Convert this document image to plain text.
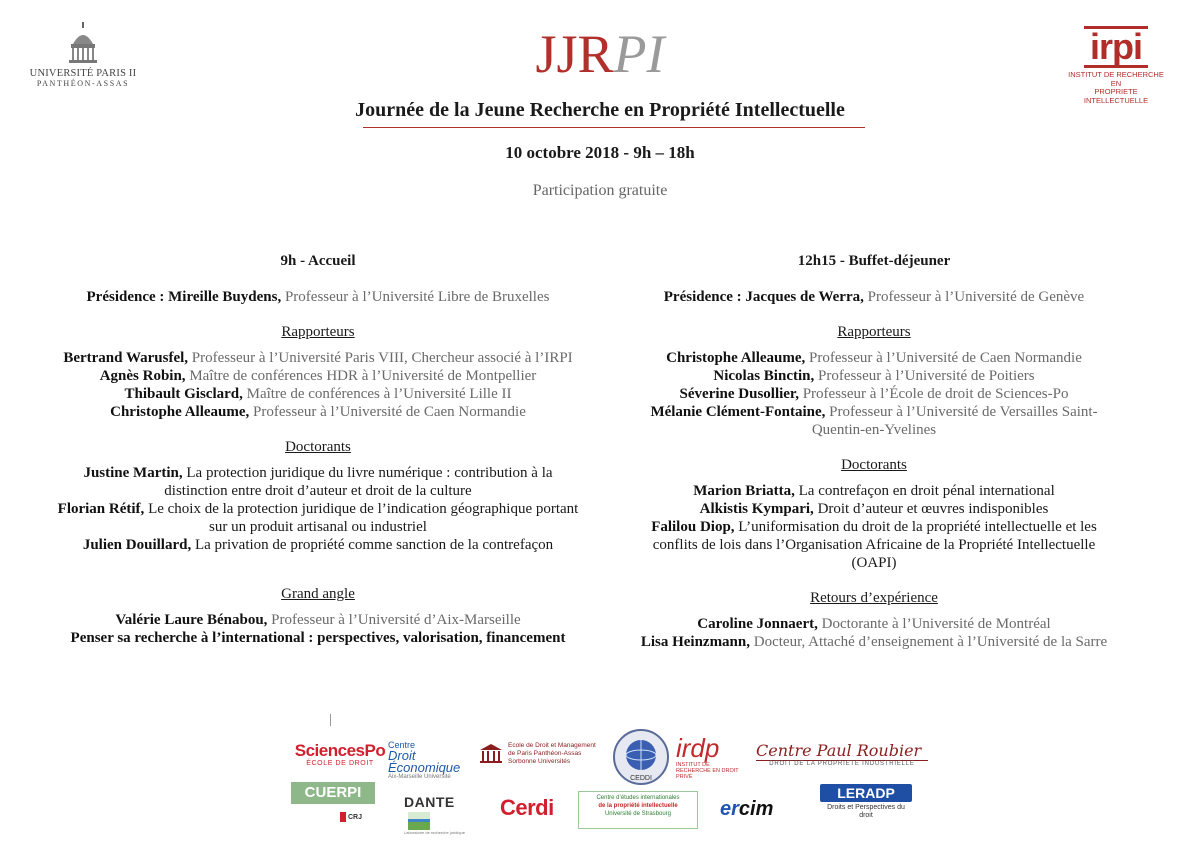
UNIVERSITÉ PARIS II
PANTHÉON-ASSAS	JJRPI	irpi
INSTITUT DE RECHERCHE EN
PROPRIETE INTELLECTUELLE
Journée de la Jeune Recherche en Propriété Intellectuelle
10 octobre 2018 - 9h – 18h
Participation gratuite
9h - Accueil
Présidence : Mireille Buydens, Professeur à l’Université Libre de Bruxelles
Rapporteurs

Bertrand Warusfel, Professeur à l’Université Paris VIII, Chercheur associé à l’IRPI

Agnès Robin, Maître de conférences HDR à l’Université de Montpellier

Thibault Gisclard, Maître de conférences à l’Université Lille II

Christophe Alleaume, Professeur à l’Université de Caen Normandie

Doctorants

Justine Martin, La protection juridique du livre numérique : contribution à la

distinction entre droit d’auteur et droit de la culture

Florian Rétif, Le choix de la protection juridique de l’indication géographique portant

sur un produit artisanal ou industriel

Julien Douillard, La privation de propriété comme sanction de la contrefaçon

Grand angle

Valérie Laure Bénabou, Professeur à l’Université d’Aix-Marseille

Penser sa recherche à l’international : perspectives, valorisation, financement

12h15 - Buffet-déjeuner
Présidence : Jacques de Werra, Professeur à l’Université de Genève
Rapporteurs

Christophe Alleaume, Professeur à l’Université de Caen Normandie

Nicolas Binctin, Professeur à l’Université de Poitiers

Séverine Dusollier, Professeur à l’École de droit de Sciences-Po

Mélanie Clément-Fontaine, Professeur à l’Université de Versailles Saint-

Quentin-en-Yvelines

Doctorants

Marion Briatta, La contrefaçon en droit pénal international

Alkistis Kympari, Droit d’auteur et œuvres indisponibles

Falilou Diop, L’uniformisation du droit de la propriété intellectuelle et les

conflits de lois dans l’Organisation Africaine de la Propriété Intellectuelle

(OAPI)

Retours d’expérience

Caroline Jonnaert, Doctorante à l’Université de Montréal

Lisa Heinzmann, Docteur, Attaché d’enseignement à l’Université de la Sarre

SciencesPo
ÉCOLE DE DROIT
Centre
Droit Économique
Aix-Marseille Université
Ecole de Droit et Management de Paris Panthéon-Assas Sorbonne Universités
CEDDI
irdp
INSTITUT DE RECHERCHE EN DROIT PRIVÉ
Centre Paul Roubier
DROIT DE LA PROPRIETE INDUSTRIELLE
CUERPI
CRJ
DANTE
Laboratoire de recherche juridique
Cerdi	Centre d’études internationales
de la propriété intellectuelle
Université de Strasbourg	ercim
LERADP
Droits et Perspectives du droit
